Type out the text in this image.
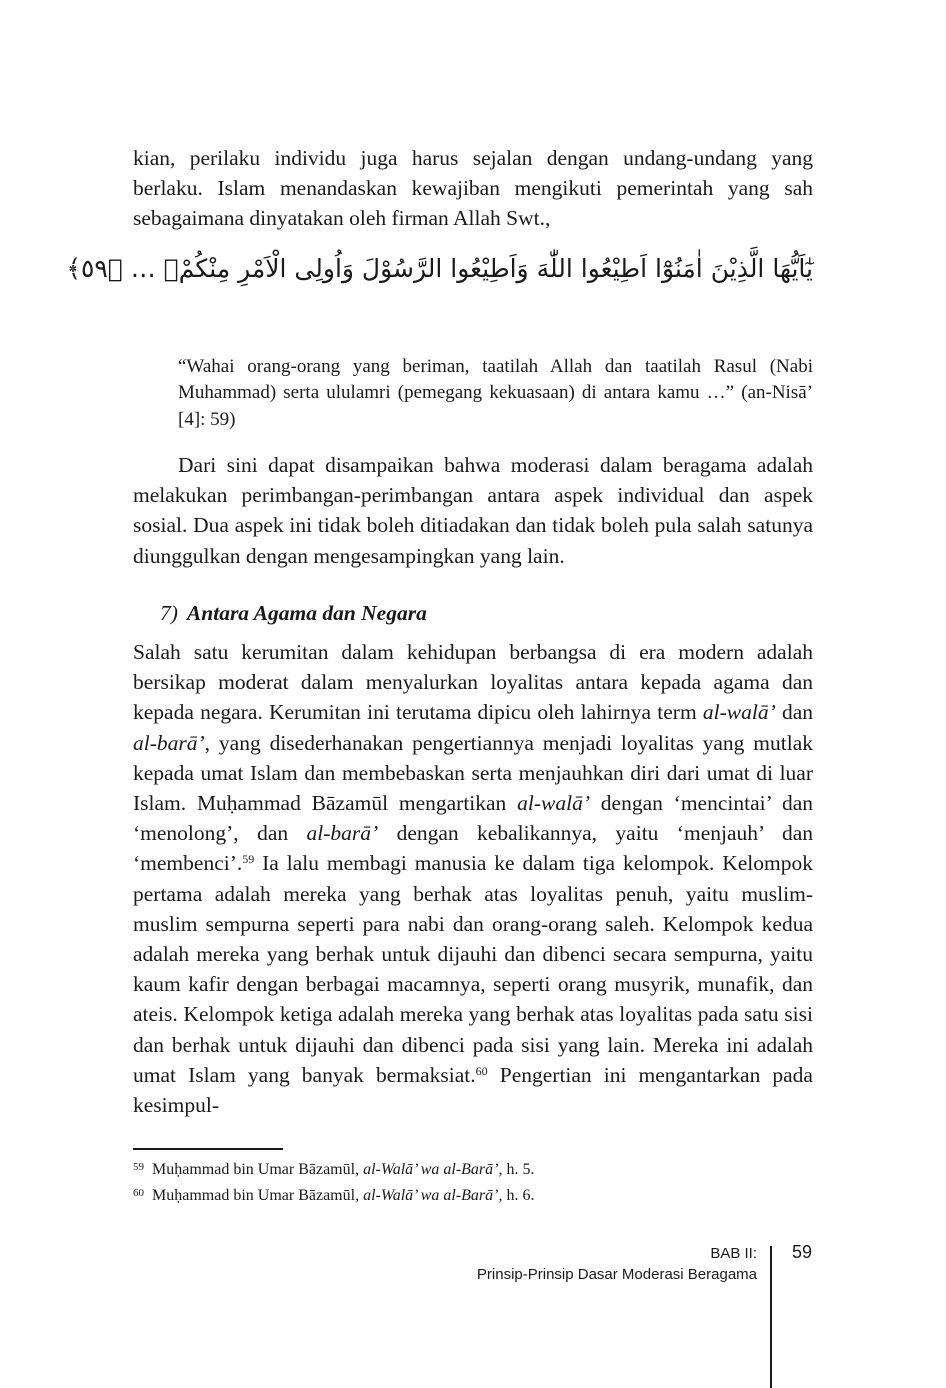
kian, perilaku individu juga harus sejalan dengan undang-undang yang berlaku. Islam menandaskan kewajiban mengikuti pemerintah yang sah sebagaimana dinyatakan oleh firman Allah Swt.,
يٰٓاَيُّهَا الَّذِيْنَ اٰمَنُوْٓا اَطِيْعُوا اللّٰهَ وَاَطِيْعُوا الرَّسُوْلَ وَاُولِى الْاَمْرِ مِنْكُمْۚ … ﴿٥٩﴾
“Wahai orang-orang yang beriman, taatilah Allah dan taatilah Rasul (Nabi Muhammad) serta ululamri (pemegang kekuasaan) di antara kamu …” (an-Nisā’ [4]: 59)
Dari sini dapat disampaikan bahwa moderasi dalam beragama adalah melakukan perimbangan-perimbangan antara aspek individual dan aspek sosial. Dua aspek ini tidak boleh ditiadakan dan tidak boleh pula salah satunya diunggulkan dengan mengesampingkan yang lain.
7) Antara Agama dan Negara
Salah satu kerumitan dalam kehidupan berbangsa di era modern adalah bersikap moderat dalam menyalurkan loyalitas antara kepada agama dan kepada negara. Kerumitan ini terutama dipicu oleh lahirnya term al-walā’ dan al-barā’, yang disederhanakan pengertiannya menjadi loyalitas yang mutlak kepada umat Islam dan membebaskan serta menjauhkan diri dari umat di luar Islam. Muḥammad Bāzamūl mengartikan al-walā’ dengan ‘mencintai’ dan ‘menolong’, dan al-barā’ dengan kebalikannya, yaitu ‘menjauh’ dan ‘membenci’.$^{59}$ Ia lalu membagi manusia ke dalam tiga kelompok. Kelompok pertama adalah mereka yang berhak atas loyalitas penuh, yaitu muslim-muslim sempurna seperti para nabi dan orang-orang saleh. Kelompok kedua adalah mereka yang berhak untuk dijauhi dan dibenci secara sempurna, yaitu kaum kafir dengan berbagai macamnya, seperti orang musyrik, munafik, dan ateis. Kelompok ketiga adalah mereka yang berhak atas loyalitas pada satu sisi dan berhak untuk dijauhi dan dibenci pada sisi yang lain. Mereka ini adalah umat Islam yang banyak bermaksiat.$^{60}$ Pengertian ini mengantarkan pada kesimpul-
$^{59}$ Muḥammad bin Umar Bāzamūl, al-Walā’ wa al-Barā’, h. 5.
$^{60}$ Muḥammad bin Umar Bāzamūl, al-Walā’ wa al-Barā’, h. 6.
BAB II:
Prinsip-Prinsip Dasar Moderasi Beragama
59
